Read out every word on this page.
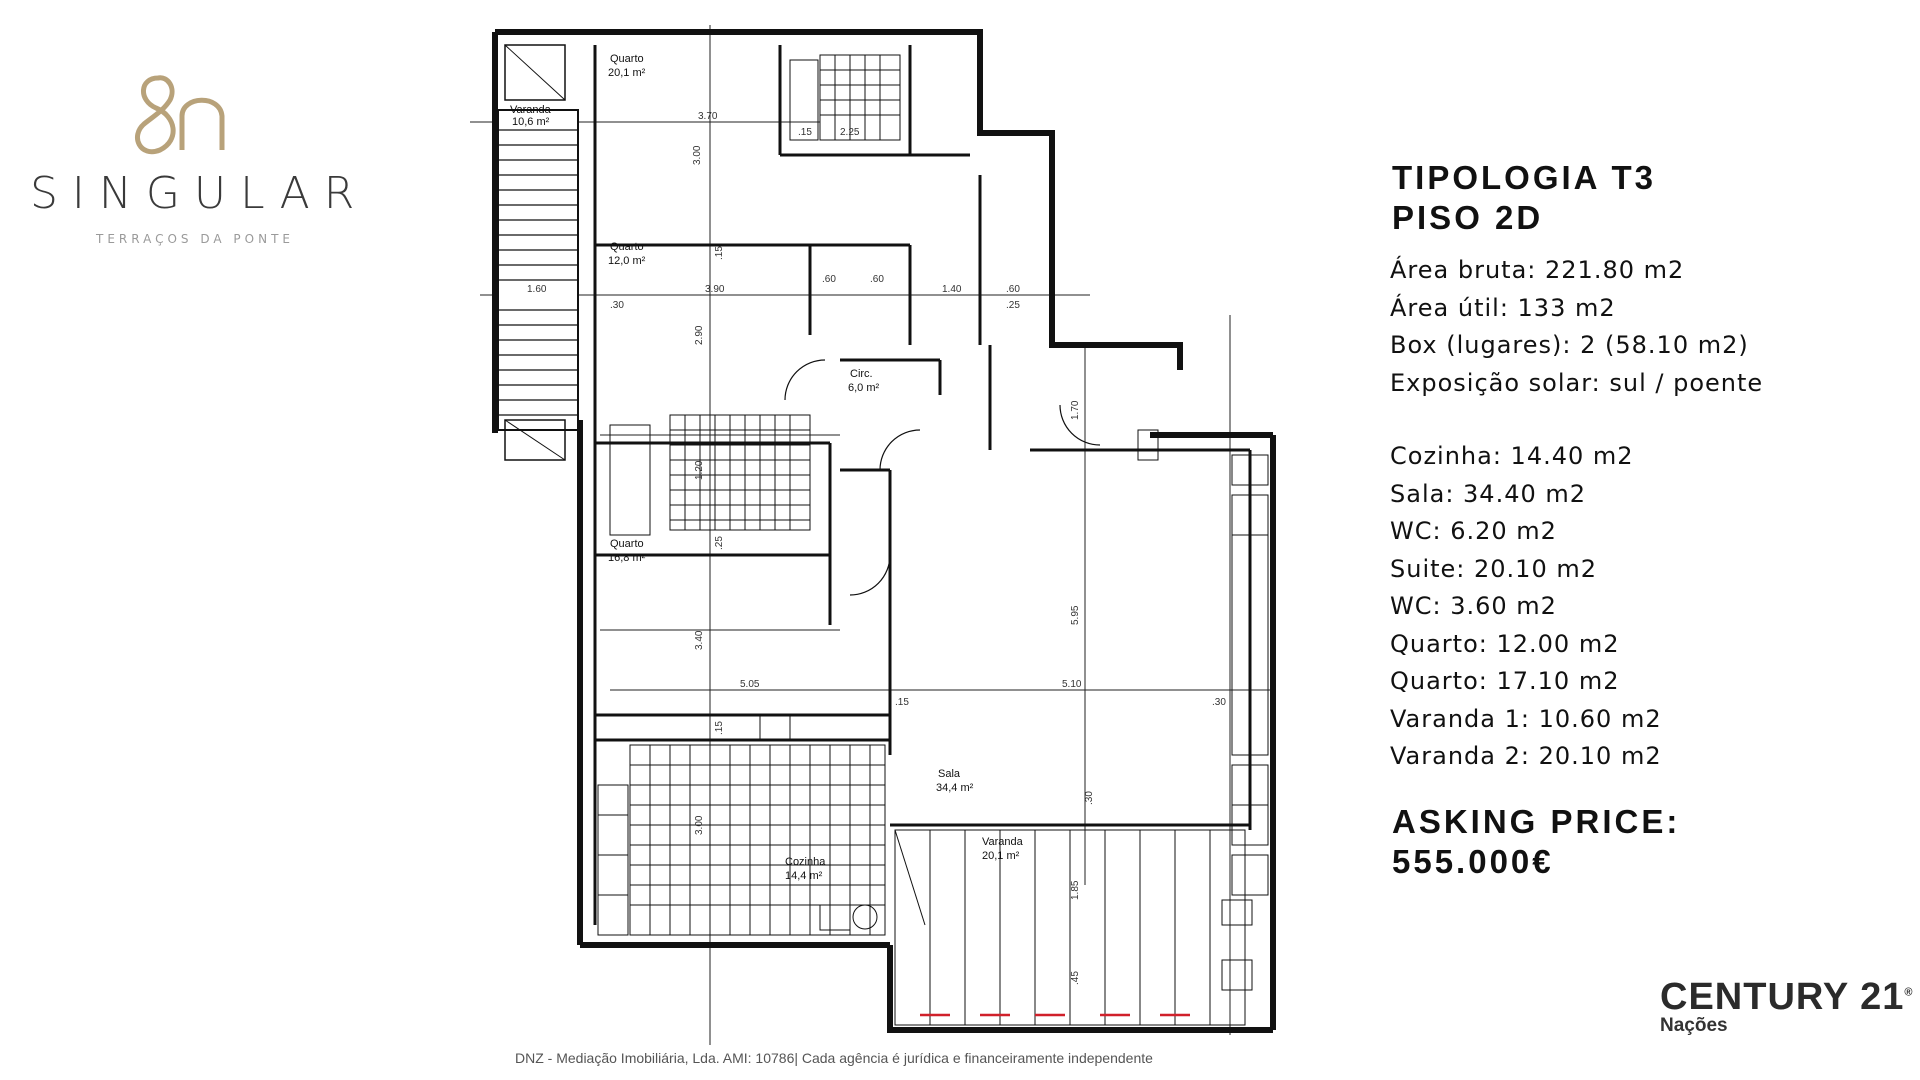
SINGULAR
TERRAÇOS DA PONTE
Quarto
20,1 m²
Varanda
10,6 m²
Quarto
12,0 m²
Circ.
6,0 m²
Quarto
16,8 m²
Sala
34,4 m²
Varanda
20,1 m²
Cozinha
14,4 m²
3.70
3.00
.15
3.90
2.90
.15
1.60
.30
.60	.60
1.40	.60
.25
1.70
1.20
.25
3.40
5.05	5.10
5.95
.15	.30
3.00
1.85
.45
.30
.15
2.25
TIPOLOGIA T3
PISO 2D
Área bruta: 221.80 m2
Área útil: 133 m2
Box (lugares): 2 (58.10 m2)
Exposição solar: sul / poente
Cozinha: 14.40 m2
Sala: 34.40 m2
WC: 6.20 m2
Suite: 20.10 m2
WC: 3.60 m2
Quarto: 12.00 m2
Quarto: 17.10 m2
Varanda 1: 10.60 m2
Varanda 2: 20.10 m2
ASKING PRICE:
555.000€
CENTURY 21®
Nações
DNZ - Mediação Imobiliária, Lda. AMI: 10786| Cada agência é jurídica e financeiramente independente
